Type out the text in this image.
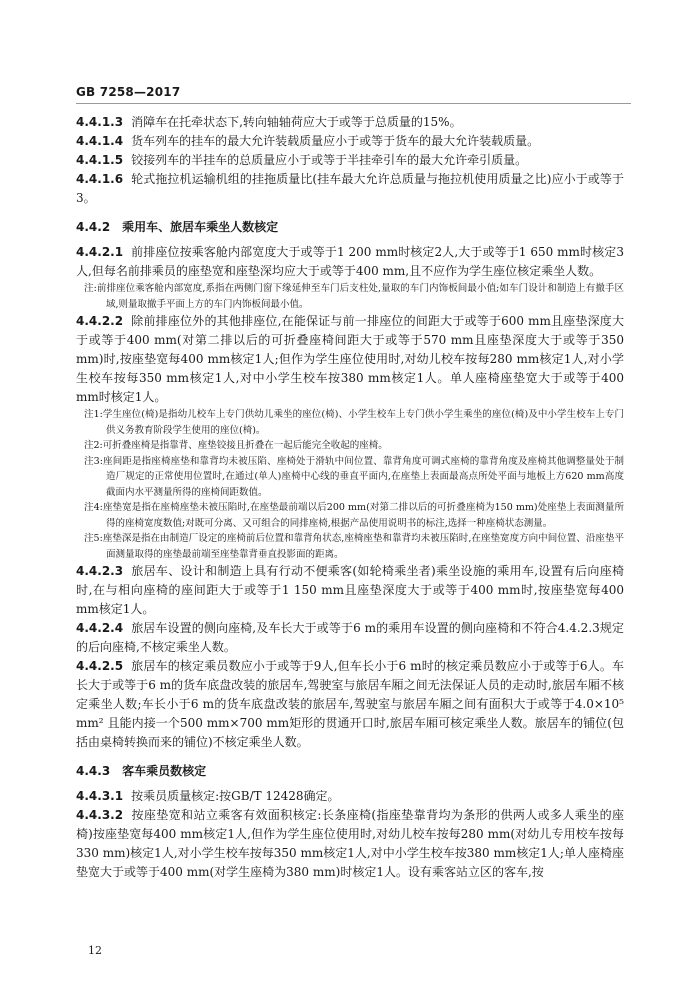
GB 7258—2017

4.4.1.3 消障车在托牵状态下,转向轴轴荷应大于或等于总质量的15%。

4.4.1.4 货车列车的挂车的最大允许装载质量应小于或等于货车的最大允许装载质量。

4.4.1.5 铰接列车的半挂车的总质量应小于或等于半挂牵引车的最大允许牵引质量。

4.4.1.6 轮式拖拉机运输机组的挂拖质量比(挂车最大允许总质量与拖拉机使用质量之比)应小于或等于3。

4.4.2 乘用车、旅居车乘坐人数核定

4.4.2.1 前排座位按乘客舱内部宽度大于或等于1 200 mm时核定2人,大于或等于1 650 mm时核定3人,但每名前排乘员的座垫宽和座垫深均应大于或等于400 mm,且不应作为学生座位核定乘坐人数。

注:前排座位乘客舱内部宽度,系指在两侧门窗下缘延伸至车门后支柱处,量取的车门内饰板间最小值;如车门设计和制造上有撤手区域,则量取撤手平面上方的车门内饰板间最小值。

4.4.2.2 除前排座位外的其他排座位,在能保证与前一排座位的间距大于或等于600 mm且座垫深度大于或等于400 mm(对第二排以后的可折叠座椅间距大于或等于570 mm且座垫深度大于或等于350 mm)时,按座垫宽每400 mm核定1人;但作为学生座位使用时,对幼儿校车按每280 mm核定1人,对小学生校车按每350 mm核定1人,对中小学生校车按380 mm核定1人。单人座椅座垫宽大于或等于400 mm时核定1人。

注1:学生座位(椅)是指幼儿校车上专门供幼儿乘坐的座位(椅)、小学生校车上专门供小学生乘坐的座位(椅)及中小学生校车上专门供义务教育阶段学生使用的座位(椅)。

注2:可折叠座椅是指靠背、座垫铰接且折叠在一起后能完全收起的座椅。

注3:座间距是指座椅座垫和靠背均未被压陷、座椅处于滑轨中间位置、靠背角度可调式座椅的靠背角度及座椅其他调整量处于制造厂规定的正常使用位置时,在通过(单人)座椅中心线的垂直平面内,在座垫上表面最高点所处平面与地板上方620 mm高度截面内水平测量所得的座椅间距数值。

注4:座垫宽是指在座椅座垫未被压陷时,在座垫最前端以后200 mm(对第二排以后的可折叠座椅为150 mm)处座垫上表面测量所得的座椅宽度数值;对既可分离、又可组合的同排座椅,根据产品使用说明书的标注,选择一种座椅状态测量。

注5:座垫深是指在由制造厂设定的座椅前后位置和靠背角状态,座椅座垫和靠背均未被压陷时,在座垫宽度方向中间位置、沿座垫平面测量取得的座垫最前端至座垫靠背垂直投影面的距离。

4.4.2.3 旅居车、设计和制造上具有行动不便乘客(如轮椅乘坐者)乘坐设施的乘用车,设置有后向座椅时,在与相向座椅的座间距大于或等于1 150 mm且座垫深度大于或等于400 mm时,按座垫宽每400 mm核定1人。

4.4.2.4 旅居车设置的侧向座椅,及车长大于或等于6 m的乘用车设置的侧向座椅和不符合4.4.2.3规定的后向座椅,不核定乘坐人数。

4.4.2.5 旅居车的核定乘员数应小于或等于9人,但车长小于6 m时的核定乘员数应小于或等于6人。车长大于或等于6 m的货车底盘改装的旅居车,驾驶室与旅居车厢之间无法保证人员的走动时,旅居车厢不核定乘坐人数;车长小于6 m的货车底盘改装的旅居车,驾驶室与旅居车厢之间有面积大于或等于4.0×10⁵ mm² 且能内接一个500 mm×700 mm矩形的贯通开口时,旅居车厢可核定乘坐人数。旅居车的铺位(包括由桌椅转换而来的铺位)不核定乘坐人数。

4.4.3 客车乘员数核定

4.4.3.1 按乘员质量核定:按GB/T 12428确定。

4.4.3.2 按座垫宽和站立乘客有效面积核定:长条座椅(指座垫靠背均为条形的供两人或多人乘坐的座椅)按座垫宽每400 mm核定1人,但作为学生座位使用时,对幼儿校车按每280 mm(对幼儿专用校车按每330 mm)核定1人,对小学生校车按每350 mm核定1人,对中小学生校车按380 mm核定1人;单人座椅座垫宽大于或等于400 mm(对学生座椅为380 mm)时核定1人。设有乘客站立区的客车,按

12
